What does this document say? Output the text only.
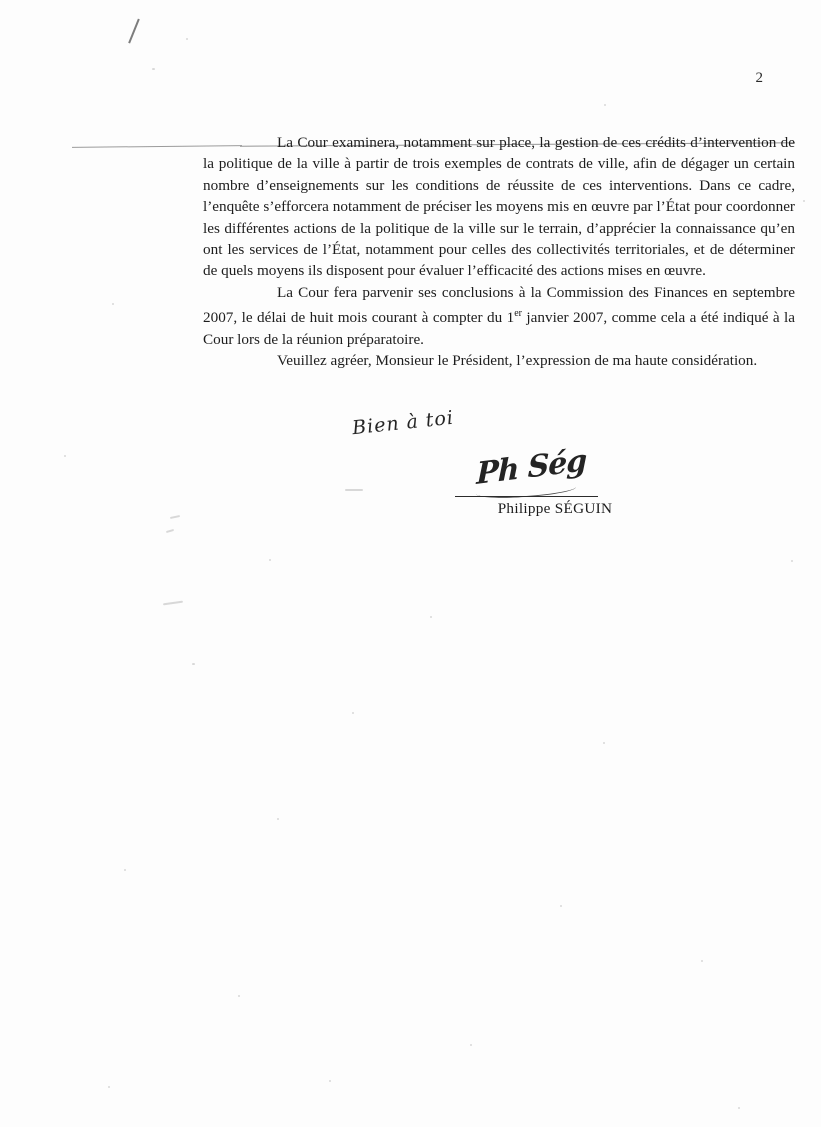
2

La Cour examinera, notamment sur place, la gestion de ces crédits d’intervention de la politique de la ville à partir de trois exemples de contrats de ville, afin de dégager un certain nombre d’enseignements sur les conditions de réussite de ces interventions. Dans ce cadre, l’enquête s’efforcera notamment de préciser les moyens mis en œuvre par l’État pour coordonner les différentes actions de la politique de la ville sur le terrain, d’apprécier la connaissance qu’en ont les services de l’État, notamment pour celles des collectivités territoriales, et de déterminer de quels moyens ils disposent pour évaluer l’efficacité des actions mises en œuvre.

La Cour fera parvenir ses conclusions à la Commission des Finances en septembre 2007, le délai de huit mois courant à compter du 1er janvier 2007, comme cela a été indiqué à la Cour lors de la réunion préparatoire.

Veuillez agréer, Monsieur le Président, l’expression de ma haute considération.

Bien à toi
Ph Ség
Philippe SÉGUIN
